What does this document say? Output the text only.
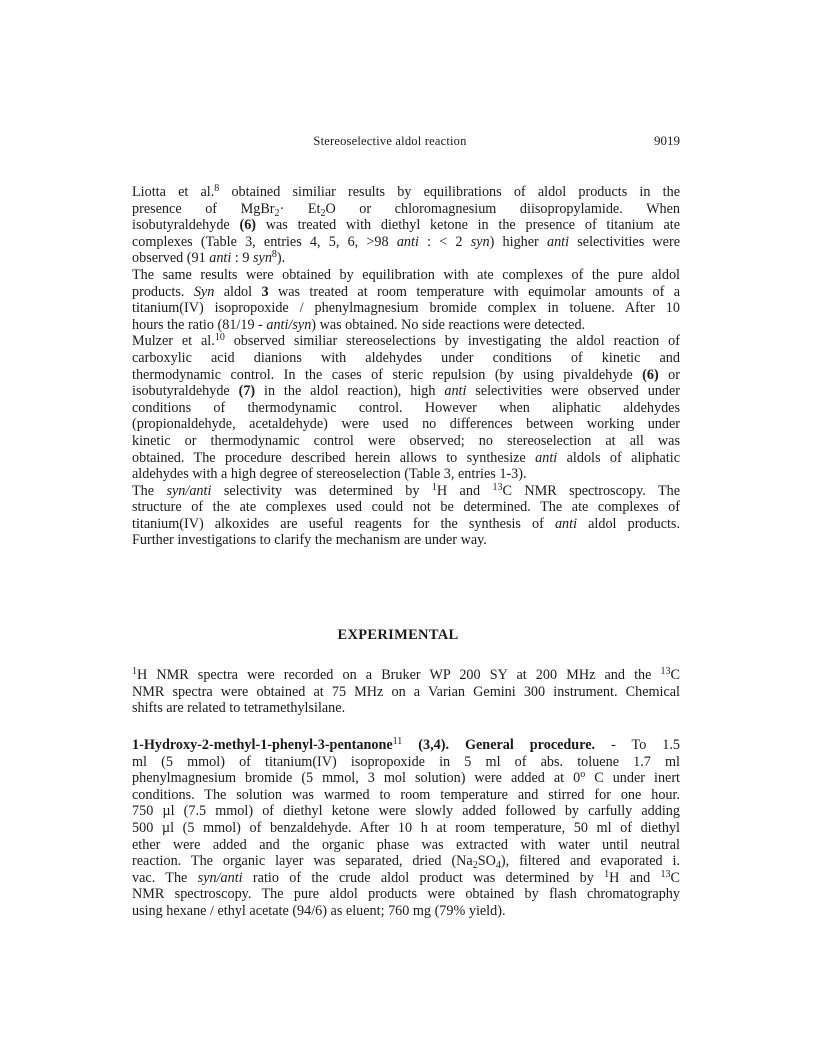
Stereoselective aldol reaction	9019
Liotta et al.$^8$ obtained similiar results by equilibrations of aldol products in the
presence of MgBr$_2$· $Et_2O$ or chloromagnesium diisopropylamide. When
isobutyraldehyde (6) was treated with diethyl ketone in the presence of titanium ate
complexes (Table 3, entries 4, 5, 6, >98 anti : < 2 syn) higher anti selectivities were
observed (91 anti : 9 syn$^8$).
The same results were obtained by equilibration with ate complexes of the pure aldol
products. Syn aldol 3 was treated at room temperature with equimolar amounts of a
titanium(IV) isopropoxide / phenylmagnesium bromide complex in toluene. After 10
hours the ratio (81/19 - anti/syn) was obtained. No side reactions were detected.
Mulzer et al.$^{10}$ observed similiar stereoselections by investigating the aldol reaction of
carboxylic acid dianions with aldehydes under conditions of kinetic and
thermodynamic control. In the cases of steric repulsion (by using pivaldehyde (6) or
isobutyraldehyde (7) in the aldol reaction), high anti selectivities were observed under
conditions of thermodynamic control. However when aliphatic aldehydes
(propionaldehyde, acetaldehyde) were used no differences between working under
kinetic or thermodynamic control were observed; no stereoselection at all was
obtained. The procedure described herein allows to synthesize anti aldols of aliphatic
aldehydes with a high degree of stereoselection (Table 3, entries 1-3).
The syn/anti selectivity was determined by $^1$H and $^{13}$C NMR spectroscopy. The
structure of the ate complexes used could not be determined. The ate complexes of
titanium(IV) alkoxides are useful reagents for the synthesis of anti aldol products.
Further investigations to clarify the mechanism are under way.
EXPERIMENTAL
$^1$H NMR spectra were recorded on a Bruker WP 200 SY at 200 MHz and the $^{13}$C
NMR spectra were obtained at 75 MHz on a Varian Gemini 300 instrument. Chemical
shifts are related to tetramethylsilane.
1-Hydroxy-2-methyl-1-phenyl-3-pentanone$^{11}$ (3,4). General procedure. - To 1.5
ml (5 mmol) of titanium(IV) isopropoxide in 5 ml of abs. toluene 1.7 ml
phenylmagnesium bromide (5 mmol, 3 mol solution) were added at 0$^o$ C under inert
conditions. The solution was warmed to room temperature and stirred for one hour.
750 µl (7.5 mmol) of diethyl ketone were slowly added followed by carfully adding
500 µl (5 mmol) of benzaldehyde. After 10 h at room temperature, 50 ml of diethyl
ether were added and the organic phase was extracted with water until neutral
reaction. The organic layer was separated, dried $(Na_2SO_4)$, filtered and evaporated i.
vac. The syn/anti ratio of the crude aldol product was determined by $^1$H and $^{13}$C
NMR spectroscopy. The pure aldol products were obtained by flash chromatography
using hexane / ethyl acetate (94/6) as eluent; 760 mg (79% yield).
